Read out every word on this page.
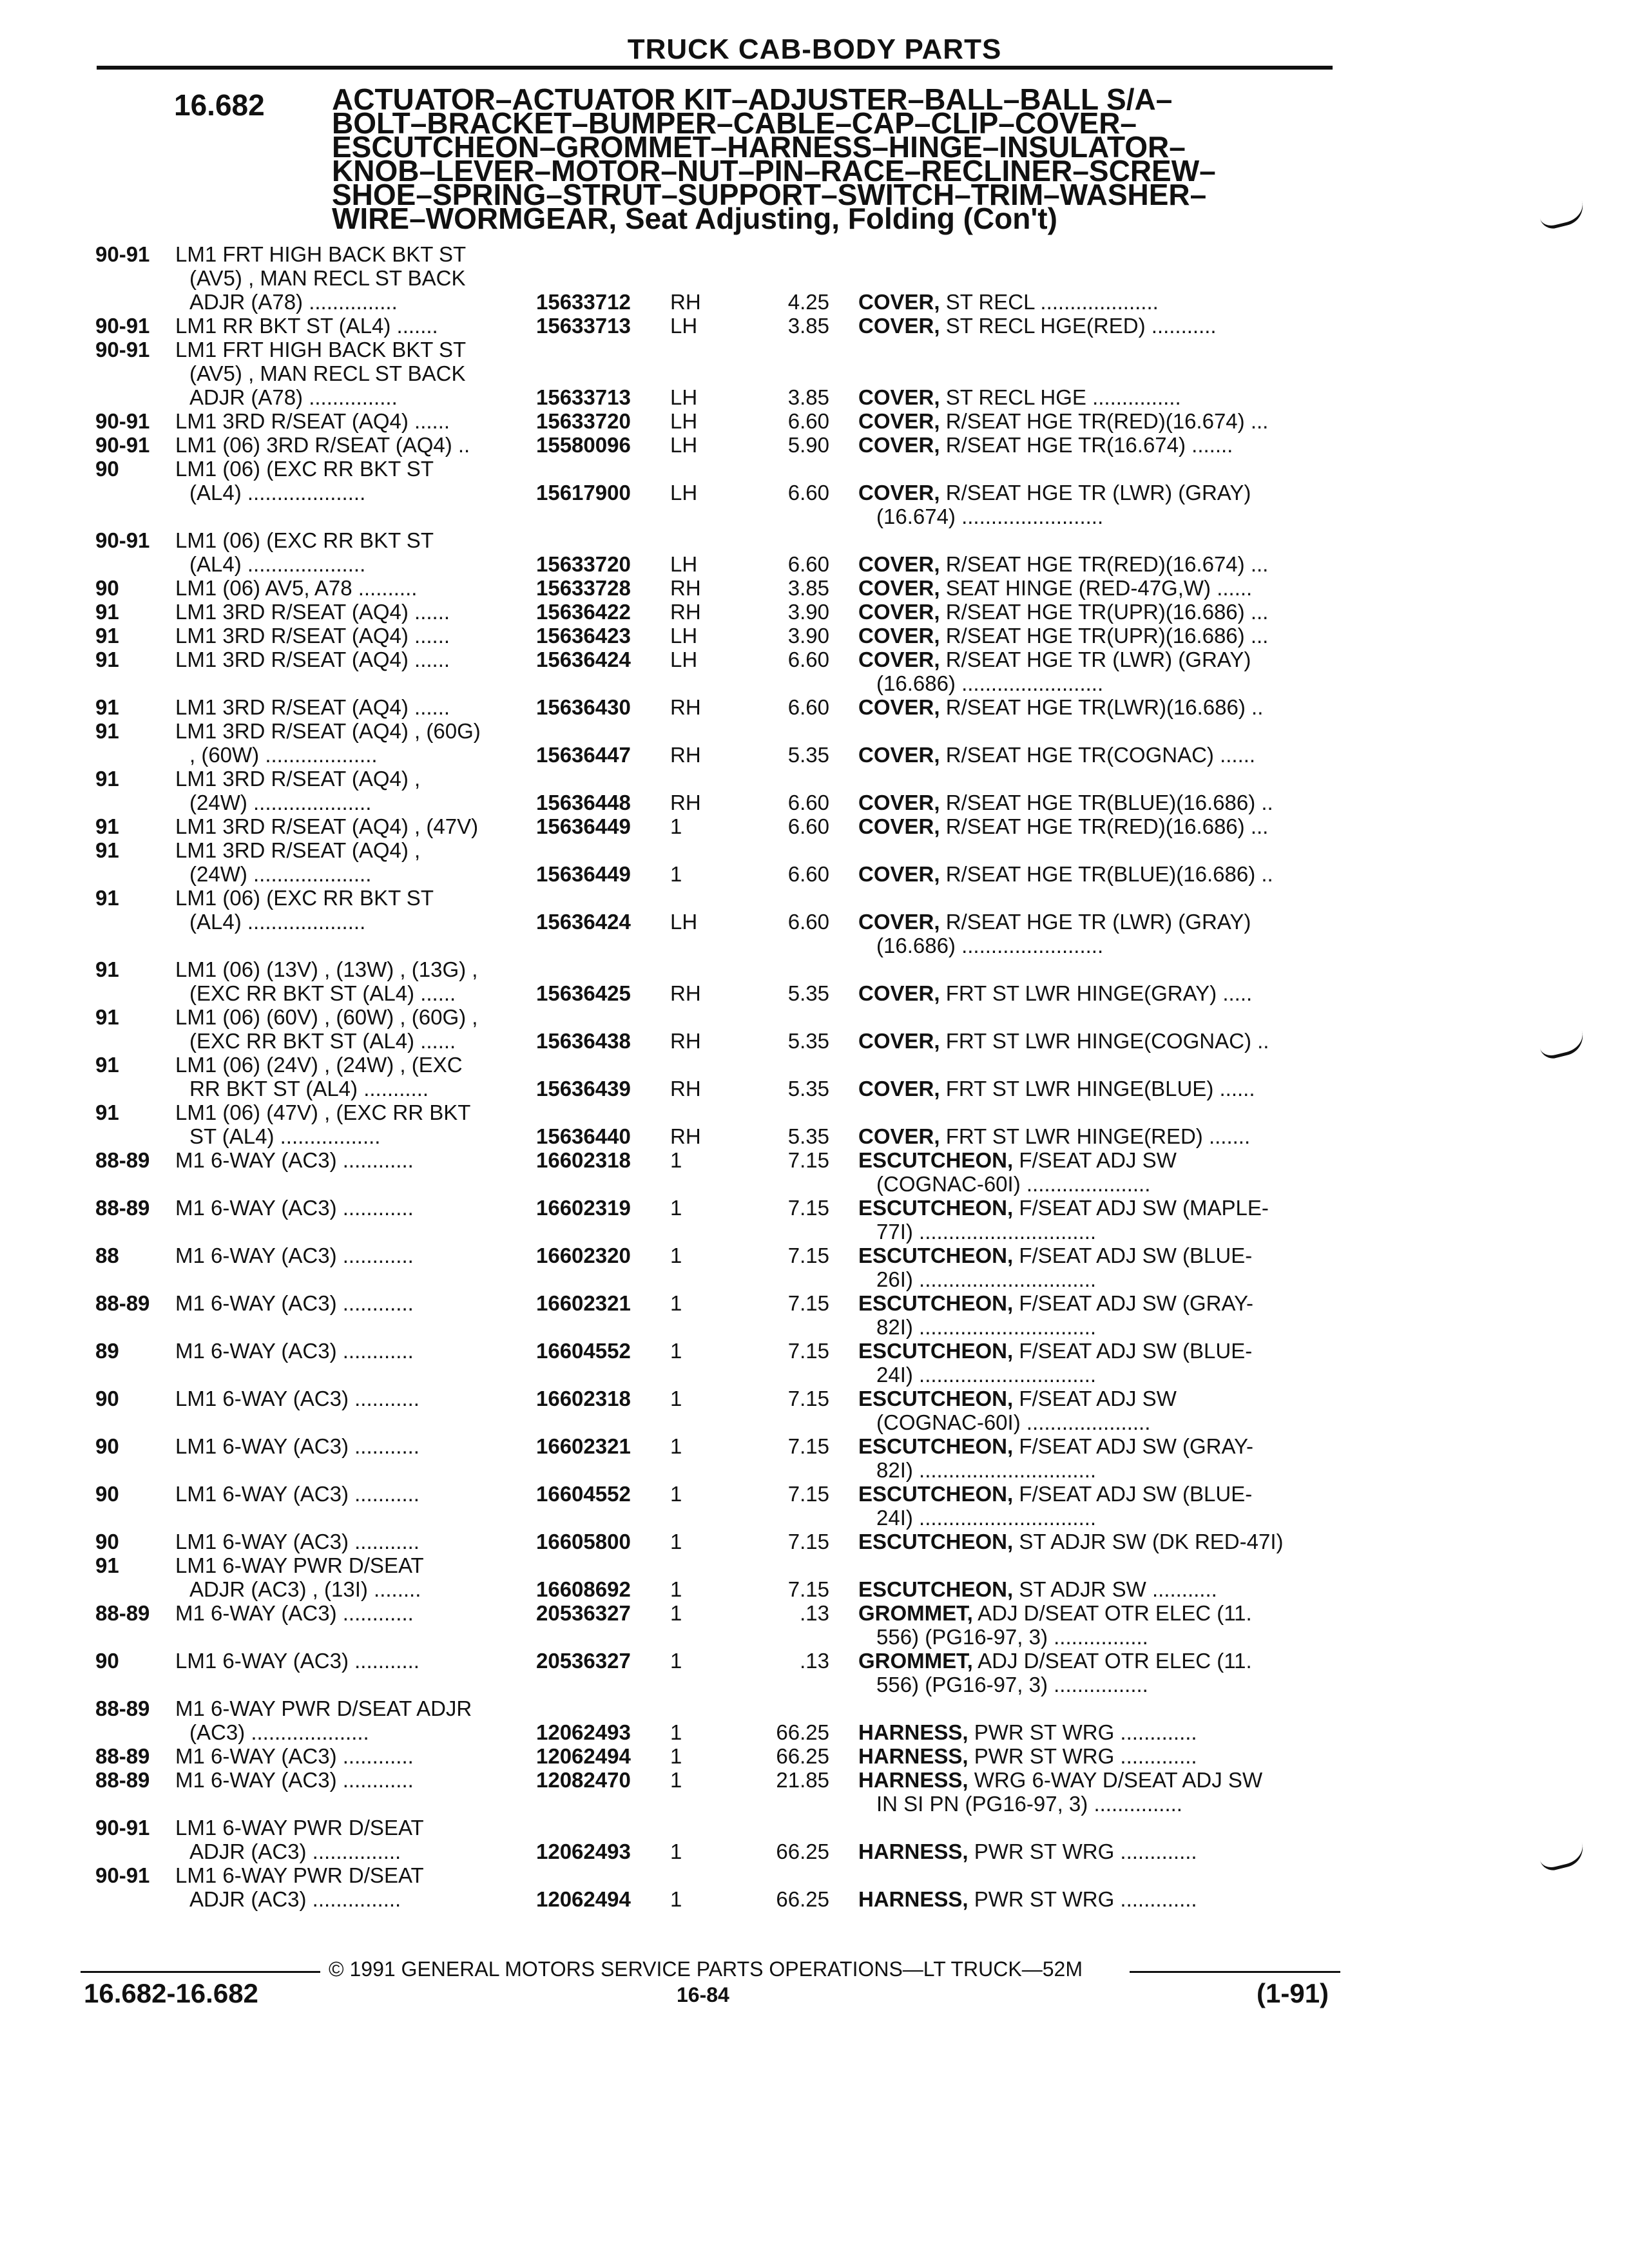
TRUCK CAB-BODY PARTS
16.682 ACTUATOR–ACTUATOR KIT–ADJUSTER–BALL–BALL S/A–
BOLT–BRACKET–BUMPER–CABLE–CAP–CLIP–COVER–
ESCUTCHEON–GROMMET–HARNESS–HINGE–INSULATOR–
KNOB–LEVER–MOTOR–NUT–PIN–RACE–RECLINER–SCREW–
SHOE–SPRING–STRUT–SUPPORT–SWITCH–TRIM–WASHER–
WIRE–WORMGEAR, Seat Adjusting, Folding (Con't)
90-91 LM1 FRT HIGH BACK BKT ST
(AV5) , MAN RECL ST BACK
ADJR (A78) ...............	15633712 RH	4.25 COVER, ST RECL ....................
90-91 LM1 RR BKT ST (AL4) .......	15633713 LH	3.85 COVER, ST RECL HGE(RED) ...........
90-91 LM1 FRT HIGH BACK BKT ST
(AV5) , MAN RECL ST BACK
ADJR (A78) ...............	15633713 LH	3.85 COVER, ST RECL HGE ...............
90-91 LM1 3RD R/SEAT (AQ4) ......	15633720 LH	6.60 COVER, R/SEAT HGE TR(RED)(16.674) ...
90-91 LM1 (06) 3RD R/SEAT (AQ4) ..	15580096 LH	5.90 COVER, R/SEAT HGE TR(16.674) .......
90	LM1 (06) (EXC RR BKT ST
(AL4) ....................	15617900 LH	6.60 COVER, R/SEAT HGE TR (LWR) (GRAY)
(16.674) ........................
90-91 LM1 (06) (EXC RR BKT ST
(AL4) ....................	15633720 LH	6.60 COVER, R/SEAT HGE TR(RED)(16.674) ...
90	LM1 (06) AV5, A78 ..........	15633728 RH	3.85 COVER, SEAT HINGE (RED-47G,W) ......
91	LM1 3RD R/SEAT (AQ4) ......	15636422 RH	3.90 COVER, R/SEAT HGE TR(UPR)(16.686) ...
91	LM1 3RD R/SEAT (AQ4) ......	15636423 LH	3.90 COVER, R/SEAT HGE TR(UPR)(16.686) ...
91	LM1 3RD R/SEAT (AQ4) ......	15636424 LH	6.60 COVER, R/SEAT HGE TR (LWR) (GRAY)
(16.686) ........................
91	LM1 3RD R/SEAT (AQ4) ......	15636430 RH	6.60 COVER, R/SEAT HGE TR(LWR)(16.686) ..
91	LM1 3RD R/SEAT (AQ4) , (60G)
, (60W) ...................	15636447 RH	5.35 COVER, R/SEAT HGE TR(COGNAC) ......
91	LM1 3RD R/SEAT (AQ4) ,
(24W) ....................	15636448 RH	6.60 COVER, R/SEAT HGE TR(BLUE)(16.686) ..
91	LM1 3RD R/SEAT (AQ4) , (47V)	15636449 1	6.60 COVER, R/SEAT HGE TR(RED)(16.686) ...
91	LM1 3RD R/SEAT (AQ4) ,
(24W) ....................	15636449 1	6.60 COVER, R/SEAT HGE TR(BLUE)(16.686) ..
91	LM1 (06) (EXC RR BKT ST
(AL4) ....................	15636424 LH	6.60 COVER, R/SEAT HGE TR (LWR) (GRAY)
(16.686) ........................
91	LM1 (06) (13V) , (13W) , (13G) ,
(EXC RR BKT ST (AL4) ......	15636425 RH	5.35 COVER, FRT ST LWR HINGE(GRAY) .....
91	LM1 (06) (60V) , (60W) , (60G) ,
(EXC RR BKT ST (AL4) ......	15636438 RH	5.35 COVER, FRT ST LWR HINGE(COGNAC) ..
91	LM1 (06) (24V) , (24W) , (EXC
RR BKT ST (AL4) ...........	15636439 RH	5.35 COVER, FRT ST LWR HINGE(BLUE) ......
91	LM1 (06) (47V) , (EXC RR BKT
ST (AL4) .................	15636440 RH	5.35 COVER, FRT ST LWR HINGE(RED) .......
88-89 M1 6-WAY (AC3) ............	16602318 1	7.15 ESCUTCHEON, F/SEAT ADJ SW
(COGNAC-60I) .....................
88-89 M1 6-WAY (AC3) ............	16602319 1	7.15 ESCUTCHEON, F/SEAT ADJ SW (MAPLE-
77I) ..............................
88	M1 6-WAY (AC3) ............	16602320 1	7.15 ESCUTCHEON, F/SEAT ADJ SW (BLUE-
26I) ..............................
88-89 M1 6-WAY (AC3) ............	16602321 1	7.15 ESCUTCHEON, F/SEAT ADJ SW (GRAY-
82I) ..............................
89	M1 6-WAY (AC3) ............	16604552 1	7.15 ESCUTCHEON, F/SEAT ADJ SW (BLUE-
24I) ..............................
90	LM1 6-WAY (AC3) ...........	16602318 1	7.15 ESCUTCHEON, F/SEAT ADJ SW
(COGNAC-60I) .....................
90	LM1 6-WAY (AC3) ...........	16602321 1	7.15 ESCUTCHEON, F/SEAT ADJ SW (GRAY-
82I) ..............................
90	LM1 6-WAY (AC3) ...........	16604552 1	7.15 ESCUTCHEON, F/SEAT ADJ SW (BLUE-
24I) ..............................
90	LM1 6-WAY (AC3) ...........	16605800 1	7.15 ESCUTCHEON, ST ADJR SW (DK RED-47I)
91	LM1 6-WAY PWR D/SEAT
ADJR (AC3) , (13I) ........	16608692 1	7.15 ESCUTCHEON, ST ADJR SW ...........
88-89 M1 6-WAY (AC3) ............	20536327 1	.13 GROMMET, ADJ D/SEAT OTR ELEC (11.
556) (PG16-97, 3) ................
90	LM1 6-WAY (AC3) ...........	20536327 1	.13 GROMMET, ADJ D/SEAT OTR ELEC (11.
556) (PG16-97, 3) ................
88-89 M1 6-WAY PWR D/SEAT ADJR
(AC3) ....................	12062493 1	66.25 HARNESS, PWR ST WRG .............
88-89 M1 6-WAY (AC3) ............	12062494 1	66.25 HARNESS, PWR ST WRG .............
88-89 M1 6-WAY (AC3) ............	12082470 1	21.85 HARNESS, WRG 6-WAY D/SEAT ADJ SW
IN SI PN (PG16-97, 3) ...............
90-91 LM1 6-WAY PWR D/SEAT
ADJR (AC3) ...............	12062493 1	66.25 HARNESS, PWR ST WRG .............
90-91 LM1 6-WAY PWR D/SEAT
ADJR (AC3) ...............	12062494 1	66.25 HARNESS, PWR ST WRG .............
© 1991 GENERAL MOTORS SERVICE PARTS OPERATIONS—LT TRUCK—52M
16.682-16.682	16-84	(1-91)
